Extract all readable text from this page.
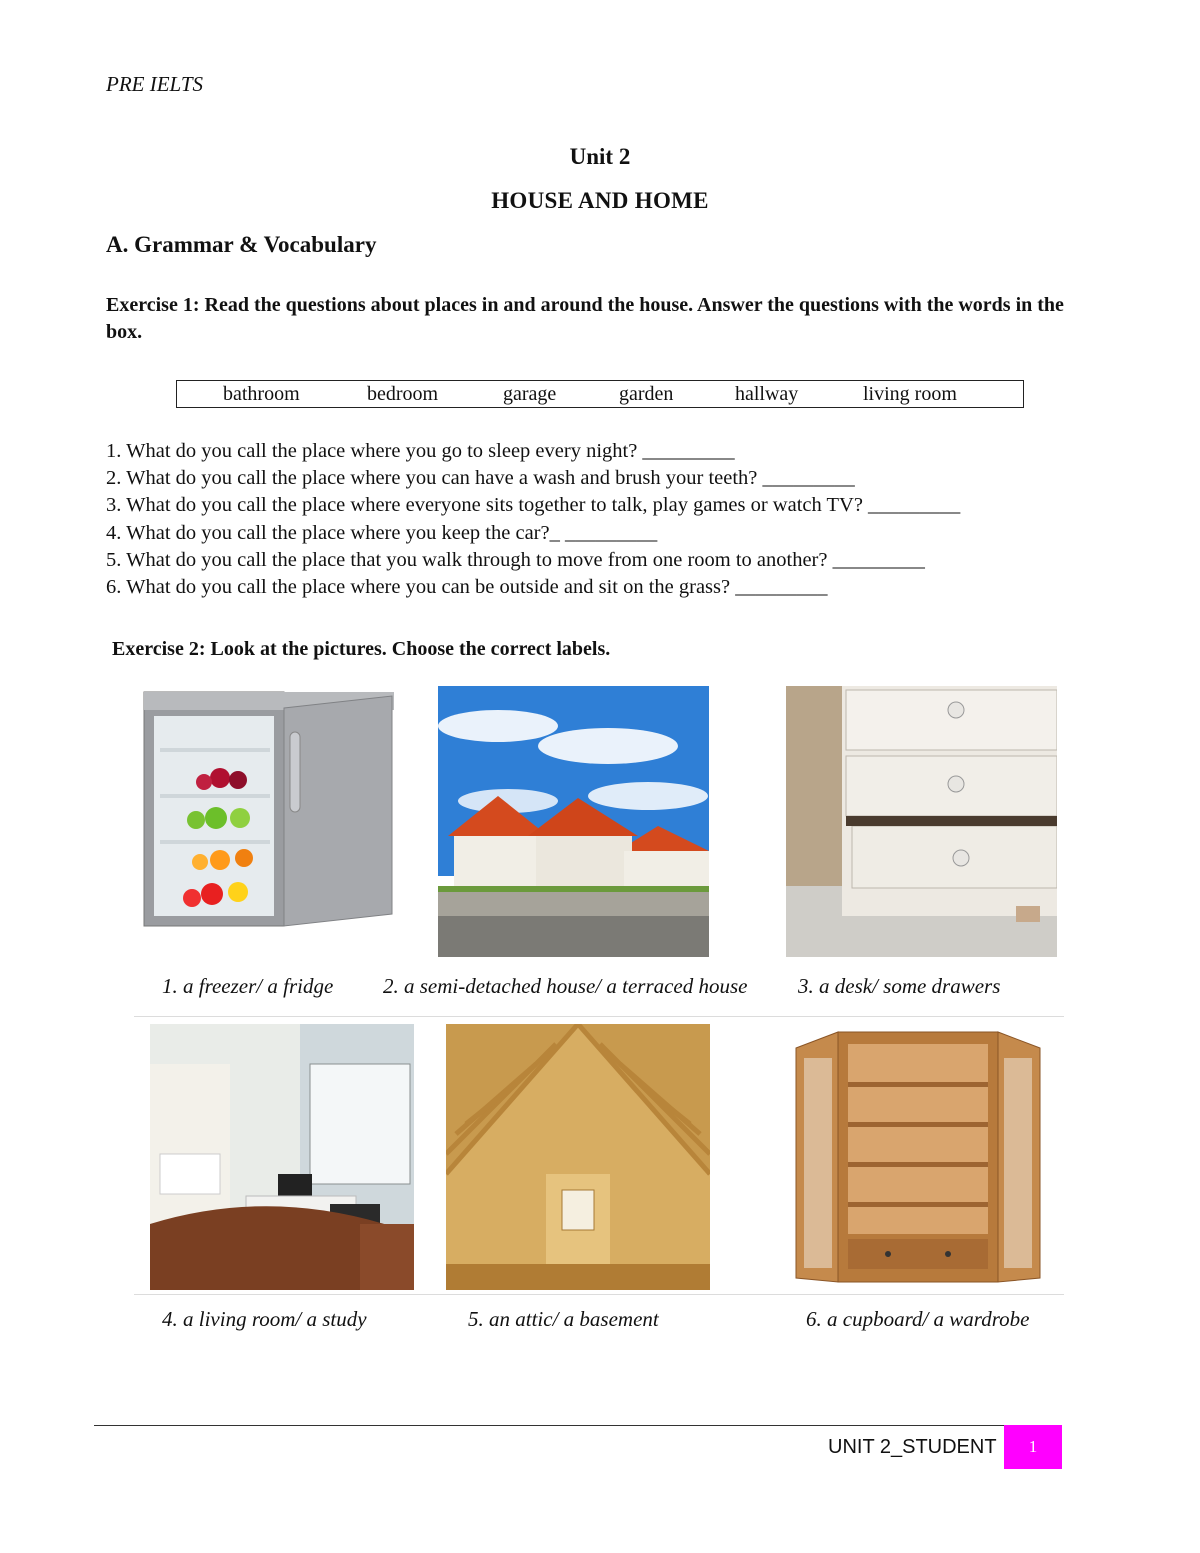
PRE IELTS
Unit 2
HOUSE AND HOME
A. Grammar & Vocabulary
Exercise 1: Read the questions about places in and around the house. Answer the questions with the words in the box.
bathroom	bedroom	garage	garden	hallway	living room
1. What do you call the place where you go to sleep every night? _________
2. What do you call the place where you can have a wash and brush your teeth? _________
3. What do you call the place where everyone sits together to talk, play games or watch TV? _________
4. What do you call the place where you keep the car?_ _________
5. What do you call the place that you walk through to move from one room to another? _________
6. What do you call the place where you can be outside and sit on the grass? _________
Exercise 2: Look at the pictures. Choose the correct labels.
1. a freezer/ a fridge 2. a semi-detached house/ a terraced house 3. a desk/ some drawers
4. a living room/ a study	5. an attic/ a basement	6. a cupboard/ a wardrobe
UNIT 2_STUDENT	1
